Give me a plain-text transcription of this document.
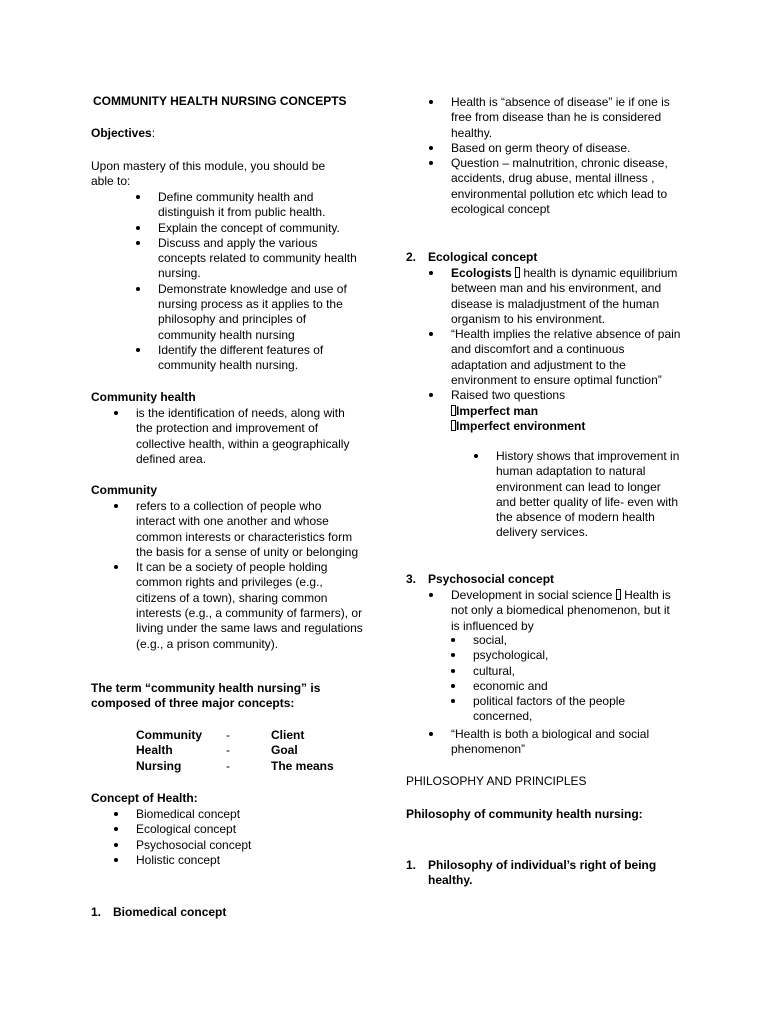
COMMUNITY HEALTH NURSING CONCEPTS
Objectives:
Upon mastery of this module, you should be able to:
Define community health and distinguish it from public health.
Explain the concept of community.
Discuss and apply the various concepts related to community health nursing.
Demonstrate knowledge and use of nursing process as it applies to the philosophy and principles of community health nursing
Identify the different features of community health nursing.
Community health
is the identification of needs, along with the protection and improvement of collective health, within a geographically defined area.
Community
refers to a collection of people who interact with one another and whose common interests or characteristics form the basis for a sense of unity or belonging
It can be a society of people holding common rights and privileges (e.g., citizens of a town), sharing common interests (e.g., a community of farmers), or living under the same laws and regulations (e.g., a prison community).
The term “community health nursing” is composed of three major concepts:
Community -	Client
Health	-	Goal
Nursing	-	The means
Concept of Health:
Biomedical concept
Ecological concept
Psychosocial concept
Holistic concept
1. Biomedical concept
Health is “absence of disease” ie if one is free from disease than he is considered healthy.
Based on germ theory of disease.
Question – malnutrition, chronic disease, accidents, drug abuse, mental illness , environmental pollution etc which lead to ecological concept
2. Ecological concept
Ecologists  health is dynamic equilibrium between man and his environment, and disease is maladjustment of the human organism to his environment.
“Health implies the relative absence of pain and discomfort and a continuous adaptation and adjustment to the environment to ensure optimal function”
Raised two questions
Imperfect man
Imperfect environment
History shows that improvement in human adaptation to natural environment can lead to longer and better quality of life- even with the absence of modern health delivery services.
3. Psychosocial concept
Development in social science  Health is not only a biomedical phenomenon, but it is influenced by
social,
psychological,
cultural,
economic and
political factors of the people concerned,
“Health is both a biological and social phenomenon”
PHILOSOPHY AND PRINCIPLES
Philosophy of community health nursing:
1. Philosophy of individual’s right of being healthy.
